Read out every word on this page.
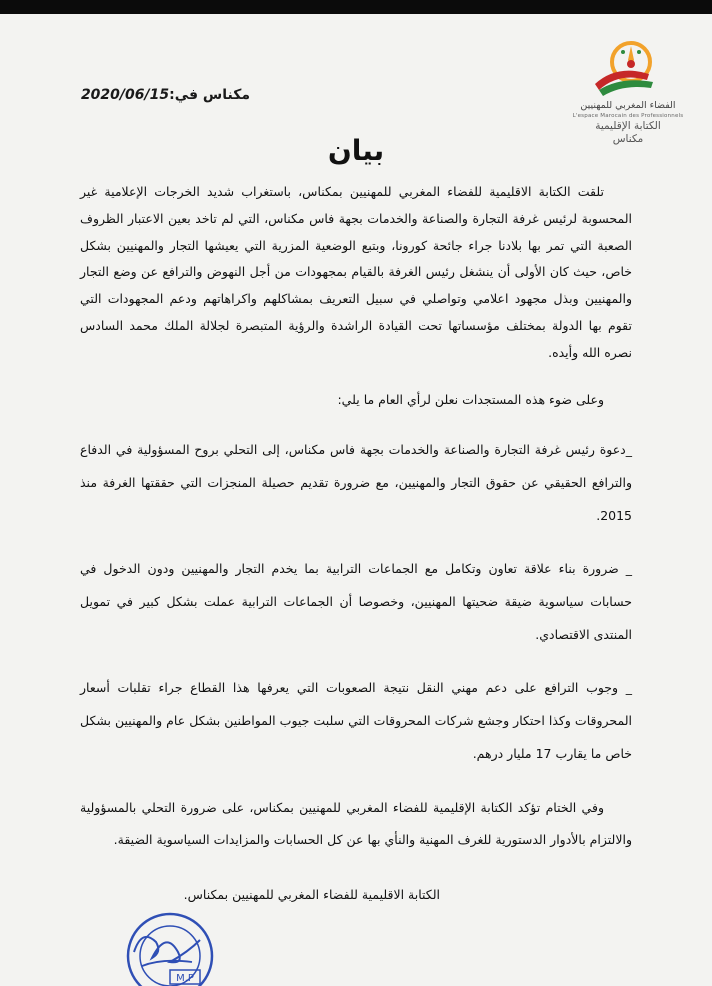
الفضاء المغربي للمهنيين
L'espace Marocain des Professionnels
الكتابة الإقليمية
مكناس
مكناس في:2020/06/15
بيان

تلقت الكتابة الاقليمية للفضاء المغربي للمهنيين بمكناس، باستغراب شديد الخرجات الإعلامية غير المحسوبة لرئيس غرفة التجارة والصناعة والخدمات بجهة فاس مكناس، التي لم تاخد بعين الاعتبار الظروف الصعبة التي تمر بها بلادنا جراء جائحة كورونا، وبتبع الوضعية المزرية التي يعيشها التجار والمهنيين بشكل خاص، حيث كان الأولى أن ينشغل رئيس الغرفة بالقيام بمجهودات من أجل النهوض والترافع عن وضع التجار والمهنيين وبذل مجهود اعلامي وتواصلي في سبيل التعريف بمشاكلهم واكراهاتهم ودعم المجهودات التي تقوم بها الدولة بمختلف مؤسساتها تحت القيادة الراشدة والرؤية المتبصرة لجلالة الملك محمد السادس نصره الله وأيده.

وعلى ضوء هذه المستجدات نعلن لرأي العام ما يلي:

_دعوة رئيس غرفة التجارة والصناعة والخدمات بجهة فاس مكناس، إلى التحلي بروح المسؤولية في الدفاع والترافع الحقيقي عن حقوق التجار والمهنيين، مع ضرورة تقديم حصيلة المنجزات التي حققتها الغرفة منذ 2015.

_ ضرورة بناء علاقة تعاون وتكامل مع الجماعات الترابية بما يخدم التجار والمهنيين ودون الدخول في حسابات سياسوية ضيقة ضحيتها المهنيين، وخصوصا أن الجماعات الترابية عملت بشكل كبير في تمويل المنتدى الاقتصادي.

_ وجوب الترافع على دعم مهني النقل نتيجة الصعوبات التي يعرفها هذا القطاع جراء تقلبات أسعار المحروقات وكذا احتكار وجشع شركات المحروقات التي سلبت جيوب المواطنين بشكل عام والمهنيين بشكل خاص ما يقارب 17 مليار درهم.

وفي الختام تؤكد الكتابة الإقليمية للفضاء المغربي للمهنيين بمكناس، على ضرورة التحلي بالمسؤولية والالتزام بالأدوار الدستورية للغرف المهنية والنأي بها عن كل الحسابات والمزايدات السياسوية الضيقة.

الكتابة الاقليمية للفضاء المغربي للمهنيين بمكناس.
M.P
